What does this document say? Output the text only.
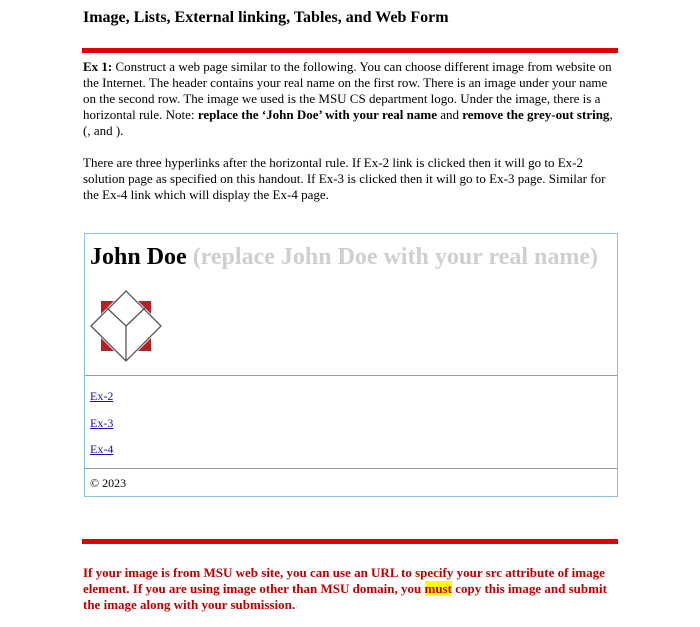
Image, Lists, External linking, Tables, and Web Form
Ex 1: Construct a web page similar to the following. You can choose different image from website on the Internet. The header contains your real name on the first row. There is an image under your name on the second row. The image we used is the MSU CS department logo. Under the image, there is a horizontal rule. Note: replace the ‘John Doe’ with your real name and remove the grey-out string, (, and ).
There are three hyperlinks after the horizontal rule. If Ex-2 link is clicked then it will go to Ex-2 solution page as specified on this handout. If Ex-3 is clicked then it will go to Ex-3 page. Similar for the Ex-4 link which will display the Ex-4 page.
John Doe (replace John Doe with your real name)
Ex-2
Ex-3
Ex-4
© 2023
If your image is from MSU web site, you can use an URL to specify your src attribute of image element. If you are using image other than MSU domain, you must copy this image and submit the image along with your submission.
